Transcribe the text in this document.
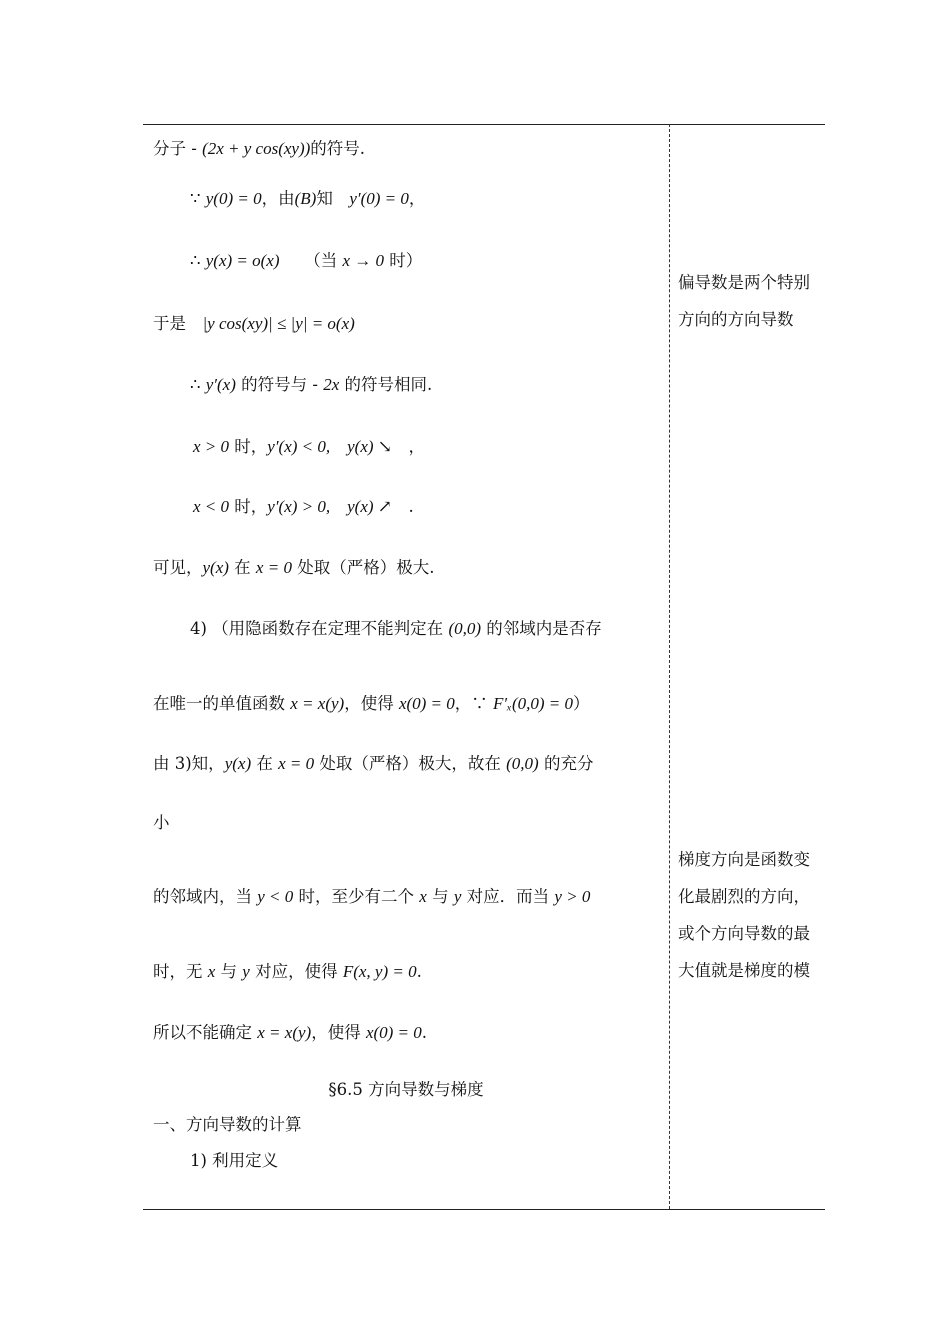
分子 - (2x + y cos(xy))的符号.
∵ y(0) = 0，由(B)知　y′(0) = 0，
∴ y(x) = o(x)　　（当 x → 0 时）
于是　|y cos(xy)| ≤ |y| = o(x)
∴ y′(x) 的符号与 - 2x 的符号相同.
x > 0 时，y′(x) < 0,　y(x) ↘　，
x < 0 时，y′(x) > 0,　y(x) ↗　.
可见，y(x) 在 x = 0 处取（严格）极大.
4) （用隐函数存在定理不能判定在 (0,0) 的邻域内是否存
在唯一的单值函数 x = x(y)，使得 x(0) = 0，∵ F′ₓ(0,0) = 0）
由 3)知，y(x) 在 x = 0 处取（严格）极大，故在 (0,0) 的充分
小
的邻域内，当 y < 0 时，至少有二个 x 与 y 对应．而当 y > 0
时，无 x 与 y 对应，使得 F(x, y) = 0.
所以不能确定 x = x(y)，使得 x(0) = 0.
§6.5 方向导数与梯度
一、方向导数的计算
1) 利用定义
偏导数是两个特别方向的方向导数
梯度方向是函数变化最剧烈的方向，或个方向导数的最大值就是梯度的模
